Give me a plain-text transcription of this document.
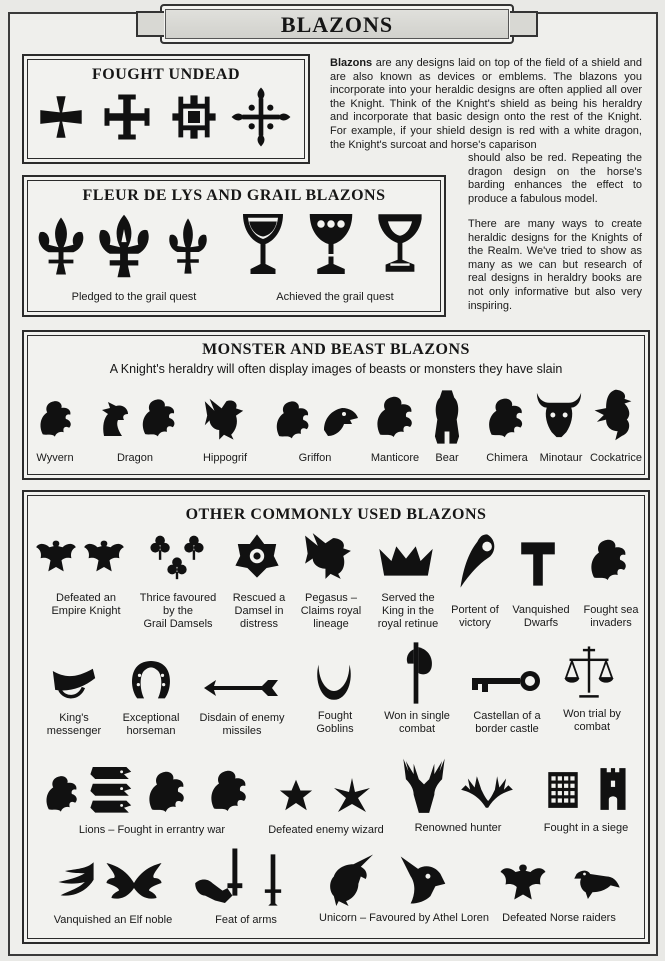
BLAZONS
FOUGHT UNDEAD
FLEUR DE LYS AND GRAIL BLAZONS
Pledged to the grail quest	Achieved the grail quest
Blazons are any designs laid on top of the field of a shield and are also known as devices or emblems. The blazons you incorporate into your heraldic designs are often applied all over the Knight. Think of the Knight's shield as being his heraldry and incorporate that basic design onto the rest of the Knight. For example, if your shield design is red with a white dragon, the Knight's surcoat and horse's caparison
should also be red. Repeating the dragon design on the horse's barding enhances the effect to produce a fabulous model.
There are many ways to create heraldic designs for the Knights of the Realm. We've tried to show as many as we can but research of real designs in heraldry books are not only informative but also very inspiring.
MONSTER AND BEAST BLAZONS
A Knight's heraldry will often display images of beasts or monsters they have slain
Wyvern	Dragon	Hippogrif	Griffon	Manticore	Bear	Chimera	Minotaur Cockatrice
OTHER COMMONLY USED BLAZONS
Defeated an
Empire Knight
Thrice favoured
by the
Grail Damsels
Rescued a
Damsel in
distress
Pegasus –
Claims royal
lineage
Served the
King in the
royal retinue
Portent of
victory
Vanquished
Dwarfs
Fought sea
invaders
King's
messenger
Exceptional
horseman
Disdain of enemy
missiles
Fought
Goblins
Won in single
combat
Castellan of a
border castle
Won trial by
combat
Lions – Fought in errantry war	Defeated enemy wizard	Renowned hunter	Fought in a siege
Vanquished an Elf noble	Feat of arms	Unicorn – Favoured by Athel Loren	Defeated Norse raiders
